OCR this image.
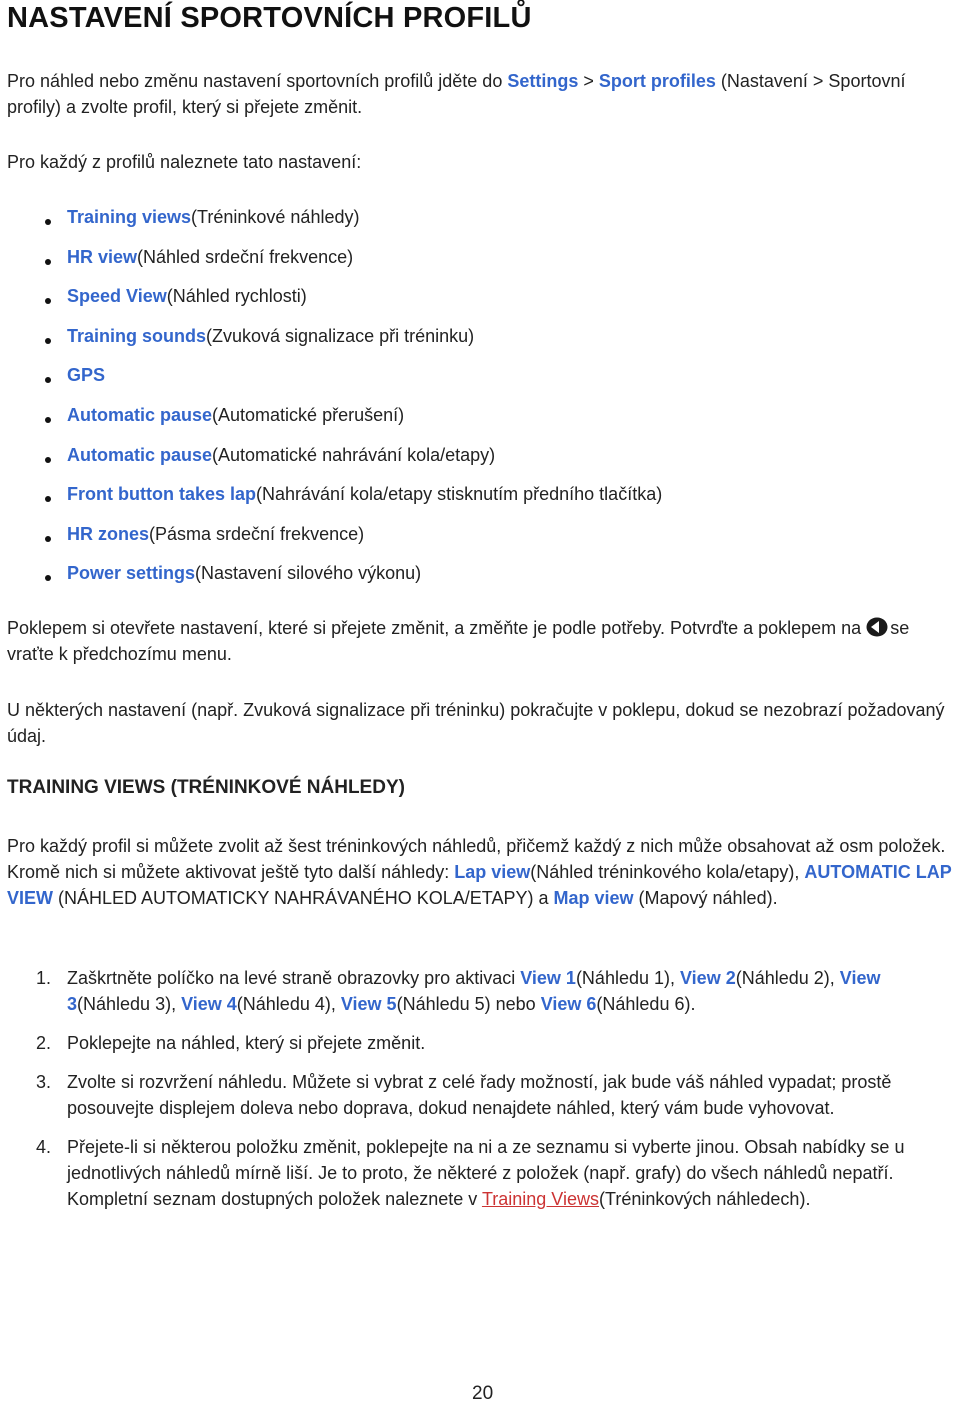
NASTAVENÍ SPORTOVNÍCH PROFILŮ

Pro náhled nebo změnu nastavení sportovních profilů jděte do Settings > Sport profiles (Nastavení > Sportovní profily) a zvolte profil, který si přejete změnit.

Pro každý z profilů naleznete tato nastavení:

Training views(Tréninkové náhledy)
HR view(Náhled srdeční frekvence)
Speed View(Náhled rychlosti)
Training sounds(Zvuková signalizace při tréninku)
GPS
Automatic pause(Automatické přerušení)
Automatic pause(Automatické nahrávání kola/etapy)
Front button takes lap(Nahrávání kola/etapy stisknutím předního tlačítka)
HR zones(Pásma srdeční frekvence)
Power settings(Nastavení silového výkonu)

Poklepem si otevřete nastavení, které si přejete změnit, a změňte je podle potřeby. Potvrďte a poklepem na se vraťte k předchozímu menu.

U některých nastavení (např. Zvuková signalizace při tréninku) pokračujte v poklepu, dokud se nezobrazí požadovaný údaj.

TRAINING VIEWS (TRÉNINKOVÉ NÁHLEDY)

Pro každý profil si můžete zvolit až šest tréninkových náhledů, přičemž každý z nich může obsahovat až osm položek. Kromě nich si můžete aktivovat ještě tyto další náhledy: Lap view(Náhled tréninkového kola/etapy), AUTOMATIC LAP VIEW (NÁHLED AUTOMATICKY NAHRÁVANÉHO KOLA/ETAPY) a Map view (Mapový náhled).

1. Zaškrtněte políčko na levé straně obrazovky pro aktivaci View 1(Náhledu 1), View 2(Náhledu 2), View 3(Náhledu 3), View 4(Náhledu 4), View 5(Náhledu 5) nebo View 6(Náhledu 6).
2. Poklepejte na náhled, který si přejete změnit.
3. Zvolte si rozvržení náhledu. Můžete si vybrat z celé řady možností, jak bude váš náhled vypadat; prostě posouvejte displejem doleva nebo doprava, dokud nenajdete náhled, který vám bude vyhovovat.
4. Přejete-li si některou položku změnit, poklepejte na ni a ze seznamu si vyberte jinou. Obsah nabídky se u jednotlivých náhledů mírně liší. Je to proto, že některé z položek (např. grafy) do všech náhledů nepatří. Kompletní seznam dostupných položek naleznete v Training Views(Tréninkových náhledech).
20
